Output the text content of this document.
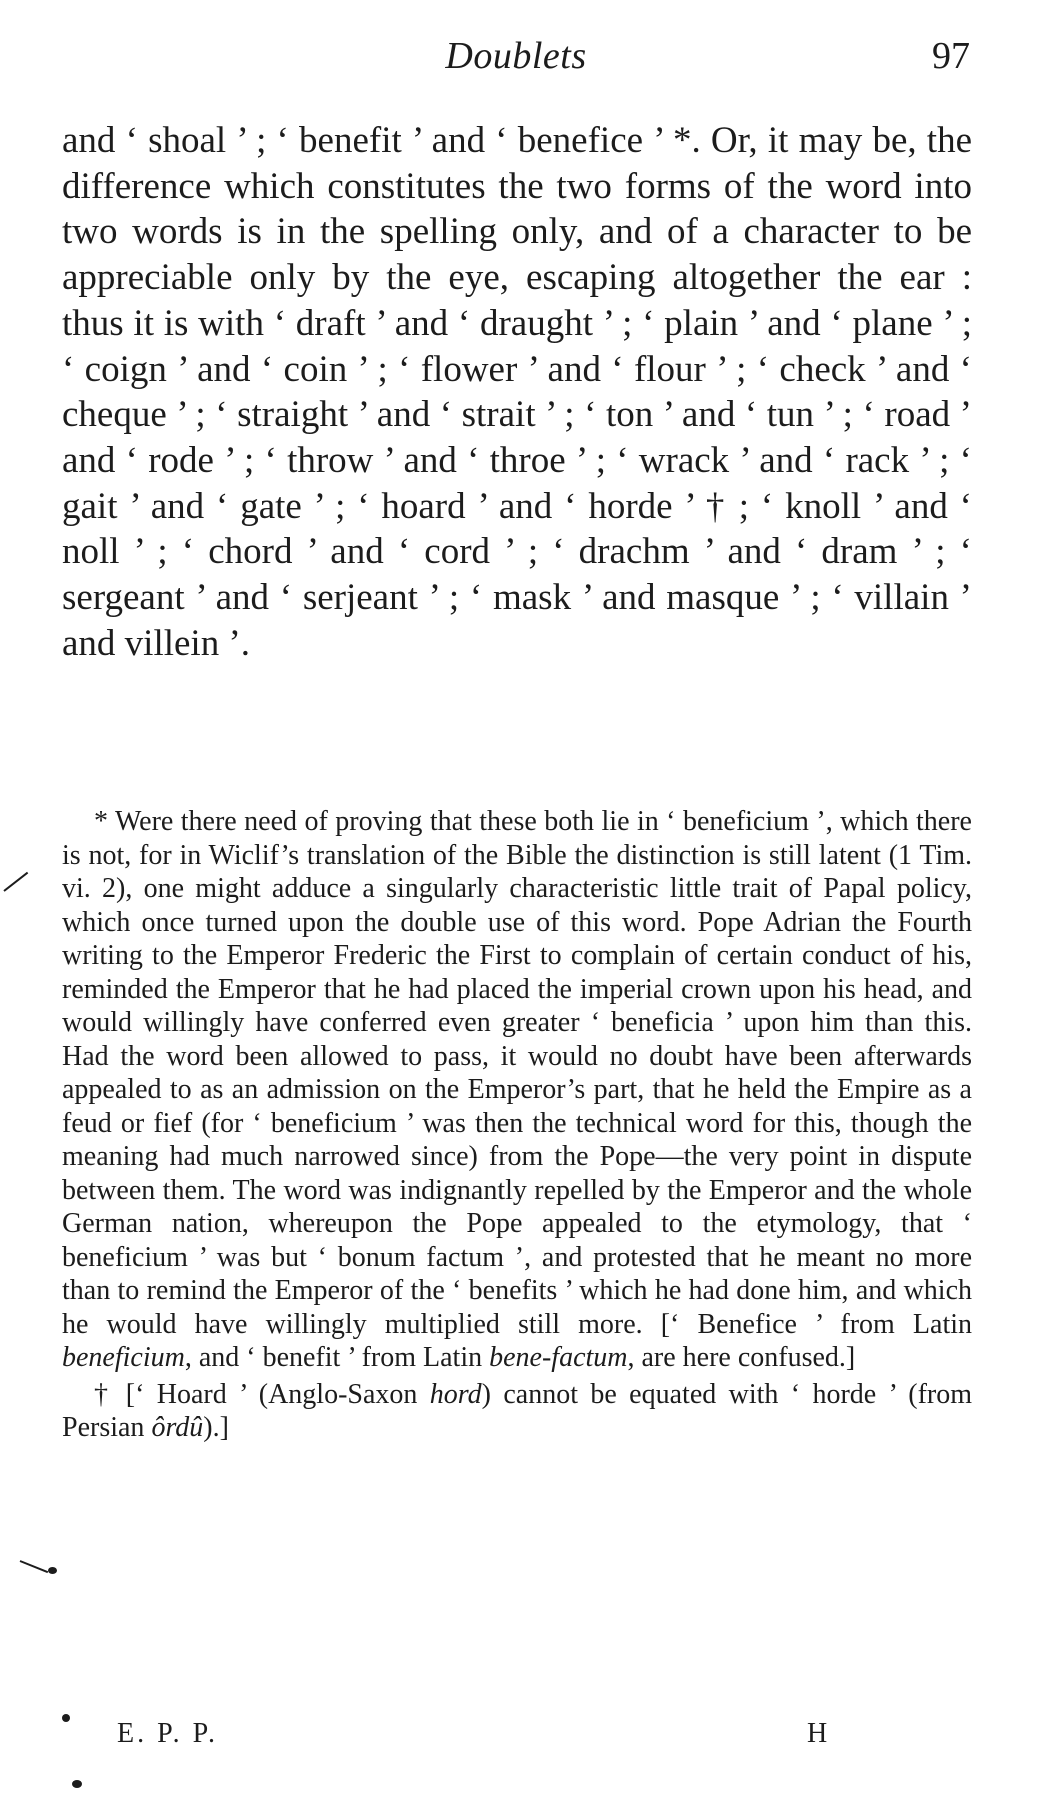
Doublets	97

and ‘ shoal ’ ; ‘ benefit ’ and ‘ benefice ’ *. Or, it may be, the difference which constitutes the two forms of the word into two words is in the spelling only, and of a character to be appreciable only by the eye, escaping altogether the ear : thus it is with ‘ draft ’ and ‘ draught ’ ; ‘ plain ’ and ‘ plane ’ ; ‘ coign ’ and ‘ coin ’ ; ‘ flower ’ and ‘ flour ’ ; ‘ check ’ and ‘ cheque ’ ; ‘ straight ’ and ‘ strait ’ ; ‘ ton ’ and ‘ tun ’ ; ‘ road ’ and ‘ rode ’ ; ‘ throw ’ and ‘ throe ’ ; ‘ wrack ’ and ‘ rack ’ ; ‘ gait ’ and ‘ gate ’ ; ‘ hoard ’ and ‘ horde ’ † ; ‘ knoll ’ and ‘ noll ’ ; ‘ chord ’ and ‘ cord ’ ; ‘ drachm ’ and ‘ dram ’ ; ‘ sergeant ’ and ‘ serjeant ’ ; ‘ mask ’ and masque ’ ; ‘ villain ’ and villein ’.

* Were there need of proving that these both lie in ‘ beneficium ’, which there is not, for in Wiclif’s translation of the Bible the distinction is still latent (1 Tim. vi. 2), one might adduce a singularly characteristic little trait of Papal policy, which once turned upon the double use of this word. Pope Adrian the Fourth writing to the Emperor Frederic the First to complain of certain conduct of his, reminded the Emperor that he had placed the imperial crown upon his head, and would willingly have conferred even greater ‘ beneficia ’ upon him than this. Had the word been allowed to pass, it would no doubt have been afterwards appealed to as an admission on the Emperor’s part, that he held the Empire as a feud or fief (for ‘ beneficium ’ was then the technical word for this, though the meaning had much narrowed since) from the Pope—the very point in dispute between them. The word was indignantly repelled by the Emperor and the whole German nation, whereupon the Pope appealed to the etymology, that ‘ beneficium ’ was but ‘ bonum factum ’, and protested that he meant no more than to remind the Emperor of the ‘ benefits ’ which he had done him, and which he would have willingly multiplied still more. [‘ Benefice ’ from Latin beneficium, and ‘ benefit ’ from Latin bene-factum, are here confused.]

† [‘ Hoard ’ (Anglo-Saxon hord) cannot be equated with ‘ horde ’ (from Persian ôrdû).]

E. P. P.	H
